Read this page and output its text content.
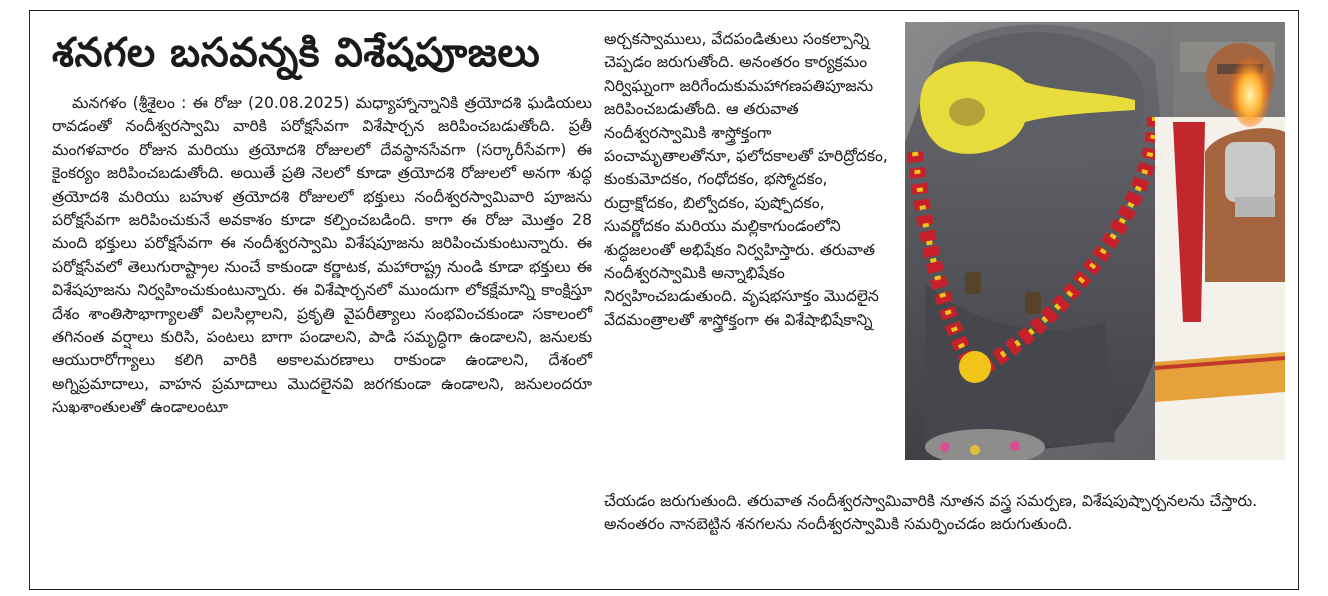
శనగల బసవన్నకి విశేషపూజలు
మనగళం (శ్రీశైలం : ఈ రోజు (20.08.2025) మధ్యాహ్నాన్నానికి త్రయోదశి ఘడియలు రావడంతో నందీశ్వరస్వామి వారికి పరోక్షసేవగా విశేషార్చన జరిపించబడుతోంది. ప్రతీ మంగళవారం రోజున మరియు త్రయోదశి రోజులలో దేవస్థానసేవగా (సర్కారీసేవగా) ఈ కైంకర్యం జరిపించబడుతోంది. అయితే ప్రతి నెలలో కూడా త్రయోదశి రోజులలో అనగా శుద్ధ త్రయోదశి మరియు బహుళ త్రయోదశి రోజులలో భక్తులు నందీశ్వరస్వామివారి పూజను పరోక్షసేవగా జరిపించుకునే అవకాశం కూడా కల్పించబడింది. కాగా ఈ రోజు మొత్తం 28 మంది భక్తులు పరోక్షసేవగా ఈ నందీశ్వరస్వామి విశేషపూజను జరిపించుకుంటున్నారు. ఈ పరోక్షసేవలో తెలుగురాష్ట్రాల నుంచే కాకుండా కర్ణాటక, మహారాష్ట్ర నుండి కూడా భక్తులు ఈ విశేషపూజను నిర్వహించుకుంటున్నారు. ఈ విశేషార్చనలో ముందుగా లోకక్షేమాన్ని కాంక్షిస్తూ దేశం శాంతిసౌభాగ్యాలతో విలసిల్లాలని, ప్రకృతి వైపరీత్యాలు సంభవించకుండా సకాలంలో తగినంత వర్షాలు కురిసి, పంటలు బాగా పండాలని, పాడి సమృద్ధిగా ఉండాలని, జనులకు ఆయురారోగ్యాలు కలిగి వారికి అకాలమరణాలు రాకుండా ఉండాలని, దేశంలో అగ్నిప్రమాదాలు, వాహన ప్రమాదాలు మొదలైనవి జరగకుండా ఉండాలని, జనులందరూ సుఖశాంతులతో ఉండాలంటూ
అర్చకస్వాములు, వేదపండితులు సంకల్పాన్ని చెప్పడం జరుగుతోంది. అనంతరం కార్యక్రమం నిర్విఘ్నంగా జరిగేందుకుమహాగణపతిపూజను జరిపించబడుతోంది. ఆ తరువాత నందీశ్వరస్వామికి శాస్త్రోక్తంగా పంచామృతాలతోనూ, ఫలోదకాలతో హరిద్రోదకం, కుంకుమోదకం, గంధోదకం, భస్మోదకం, రుద్రాక్షోదకం, బిల్వోదకం, పుష్పోదకం, సువర్ణోదకం మరియు మల్లికాగుండంలోని శుద్ధజలంతో అభిషేకం నిర్వహిస్తారు. తరువాత నందీశ్వరస్వామికి అన్నాభిషేకం నిర్వహించబడుతుంది. వృషభసూక్తం మొదలైన వేదమంత్రాలతో శాస్త్రోక్తంగా ఈ విశేషాభిషేకాన్ని
చేయడం జరుగుతుంది. తరువాత నందీశ్వరస్వామివారికి నూతన వస్త్ర సమర్పణ, విశేషపుష్పార్చనలను చేస్తారు. అనంతరం నానబెట్టిన శనగలను నందీశ్వరస్వామికి సమర్పించడం జరుగుతుంది.
